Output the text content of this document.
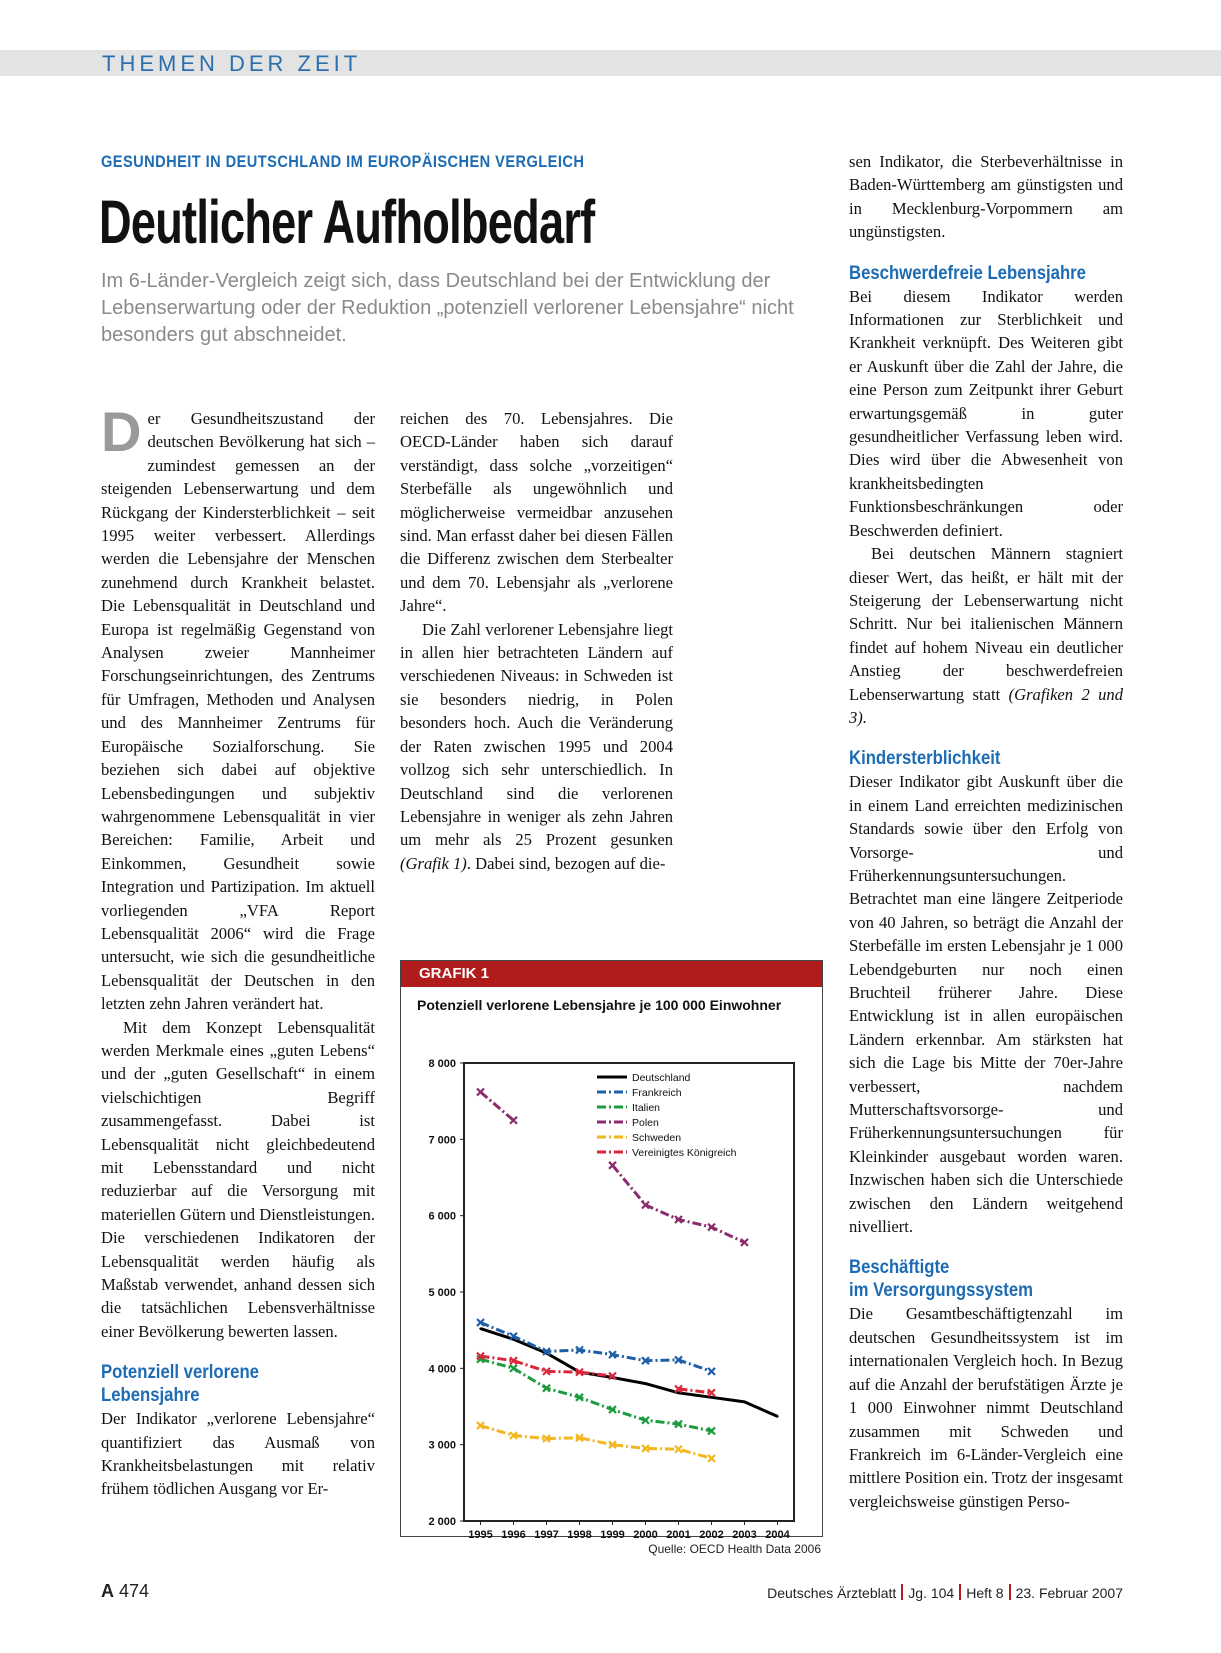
THEMEN DER ZEIT
GESUNDHEIT IN DEUTSCHLAND IM EUROPÄISCHEN VERGLEICH
Deutlicher Aufholbedarf
Im 6-Länder-Vergleich zeigt sich, dass Deutschland bei der Entwicklung der Lebenserwartung oder der Reduktion „potenziell verlorener Lebensjahre“ nicht besonders gut abschneidet.

Der Gesundheitszustand der deutschen Bevölkerung hat sich – zumindest gemessen an der steigenden Lebenserwartung und dem Rückgang der Kindersterblichkeit – seit 1995 weiter verbessert. Allerdings werden die Lebensjahre der Menschen zunehmend durch Krankheit belastet. Die Lebensqualität in Deutschland und Europa ist regelmäßig Gegenstand von Analysen zweier Mannheimer Forschungseinrichtungen, des Zentrums für Umfragen, Methoden und Analysen und des Mannheimer Zentrums für Europäische Sozialforschung. Sie beziehen sich dabei auf objektive Lebensbedingungen und subjektiv wahrgenommene Lebensqualität in vier Bereichen: Familie, Arbeit und Einkommen, Gesundheit sowie Integration und Partizipation. Im aktuell vorliegenden „VFA Report Lebensqualität 2006“ wird die Frage untersucht, wie sich die gesundheitliche Lebensqualität der Deutschen in den letzten zehn Jahren verändert hat.

Mit dem Konzept Lebensqualität werden Merkmale eines „guten Lebens“ und der „guten Gesellschaft“ in einem vielschichtigen Begriff zusammengefasst. Dabei ist Lebensqualität nicht gleichbedeutend mit Lebensstandard und nicht reduzierbar auf die Versorgung mit materiellen Gütern und Dienstleistungen. Die verschiedenen Indikatoren der Lebensqualität werden häufig als Maßstab verwendet, anhand dessen sich die tatsächlichen Lebensverhältnisse einer Bevölkerung bewerten lassen.

Potenziell verlorene
Lebensjahre

Der Indikator „verlorene Lebensjahre“ quantifiziert das Ausmaß von Krankheitsbelastungen mit relativ frühem tödlichen Ausgang vor Er-

reichen des 70. Lebensjahres. Die OECD-Länder haben sich darauf verständigt, dass solche „vorzeitigen“ Sterbefälle als ungewöhnlich und möglicherweise vermeidbar anzusehen sind. Man erfasst daher bei diesen Fällen die Differenz zwischen dem Sterbealter und dem 70. Lebensjahr als „verlorene Jahre“.

Die Zahl verlorener Lebensjahre liegt in allen hier betrachteten Ländern auf verschiedenen Niveaus: in Schweden ist sie besonders niedrig, in Polen besonders hoch. Auch die Veränderung der Raten zwischen 1995 und 2004 vollzog sich sehr unterschiedlich. In Deutschland sind die verlorenen Lebensjahre in weniger als zehn Jahren um mehr als 25 Prozent gesunken (Grafik 1). Dabei sind, bezogen auf die-

sen Indikator, die Sterbeverhältnisse in Baden-Württemberg am günstigsten und in Mecklenburg-Vorpommern am ungünstigsten.

Beschwerdefreie Lebensjahre

Bei diesem Indikator werden Informationen zur Sterblichkeit und Krankheit verknüpft. Des Weiteren gibt er Auskunft über die Zahl der Jahre, die eine Person zum Zeitpunkt ihrer Geburt erwartungsgemäß in guter gesundheitlicher Verfassung leben wird. Dies wird über die Abwesenheit von krankheitsbedingten Funktionsbeschränkungen oder Beschwerden definiert.

Bei deutschen Männern stagniert dieser Wert, das heißt, er hält mit der Steigerung der Lebenserwartung nicht Schritt. Nur bei italienischen Männern findet auf hohem Niveau ein deutlicher Anstieg der beschwerdefreien Lebenserwartung statt (Grafiken 2 und 3).

Kindersterblichkeit

Dieser Indikator gibt Auskunft über die in einem Land erreichten medizinischen Standards sowie über den Erfolg von Vorsorge- und Früherkennungsuntersuchungen. Betrachtet man eine längere Zeitperiode von 40 Jahren, so beträgt die Anzahl der Sterbefälle im ersten Lebensjahr je 1 000 Lebendgeburten nur noch einen Bruchteil früherer Jahre. Diese Entwicklung ist in allen europäischen Ländern erkennbar. Am stärksten hat sich die Lage bis Mitte der 70er-Jahre verbessert, nachdem Mutterschaftsvorsorge- und Früherkennungsuntersuchungen für Kleinkinder ausgebaut worden waren. Inzwischen haben sich die Unterschiede zwischen den Ländern weitgehend nivelliert.

Beschäftigte
im Versorgungssystem

Die Gesamtbeschäftigtenzahl im deutschen Gesundheitssystem ist im internationalen Vergleich hoch. In Bezug auf die Anzahl der berufstätigen Ärzte je 1 000 Einwohner nimmt Deutschland zusammen mit Schweden und Frankreich im 6-Länder-Vergleich eine mittlere Position ein. Trotz der insgesamt vergleichsweise günstigen Perso-

GRAFIK 1
Potenziell verlorene Lebensjahre je 100 000 Einwohner
8 000
7 000
6 000
5 000
4 000
3 000
2 000
1995 1996 1997 1998 1999 2000 2001 2002 2003 2004
Deutschland
Frankreich
Italien
Polen
Schweden
Vereinigtes Königreich
Quelle: OECD Health Data 2006
A 474	Deutsches Ärzteblatt Jg. 104 Heft 8 23. Februar 2007
